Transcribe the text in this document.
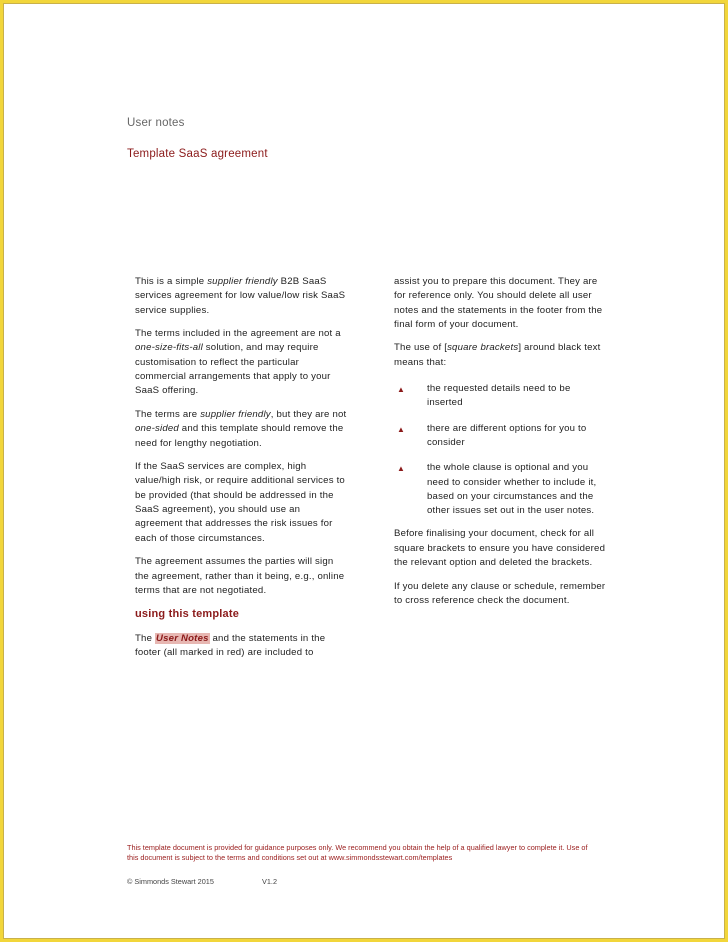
User notes
Template SaaS agreement

This is a simple supplier friendly B2B SaaS services agreement for low value/low risk SaaS service supplies.

The terms included in the agreement are not a one-size-fits-all solution, and may require customisation to reflect the particular commercial arrangements that apply to your SaaS offering.

The terms are supplier friendly, but they are not one-sided and this template should remove the need for lengthy negotiation.

If the SaaS services are complex, high value/high risk, or require additional services to be provided (that should be addressed in the SaaS agreement), you should use an agreement that addresses the risk issues for each of those circumstances.

The agreement assumes the parties will sign the agreement, rather than it being, e.g., online terms that are not negotiated.

using this template

The User Notes and the statements in the footer (all marked in red) are included to

assist you to prepare this document. They are for reference only. You should delete all user notes and the statements in the footer from the final form of your document.

The use of [square brackets] around black text means that:

▲	the requested details need to be inserted
▲	there are different options for you to consider
▲	the whole clause is optional and you need to consider whether to include it, based on your circumstances and the other issues set out in the user notes.

Before finalising your document, check for all square brackets to ensure you have considered the relevant option and deleted the brackets.

If you delete any clause or schedule, remember to cross reference check the document.

This template document is provided for guidance purposes only. We recommend you obtain the help of a qualified lawyer to complete it. Use of this document is subject to the terms and conditions set out at www.simmondsstewart.com/templates
© Simmonds Stewart 2015	V1.2
